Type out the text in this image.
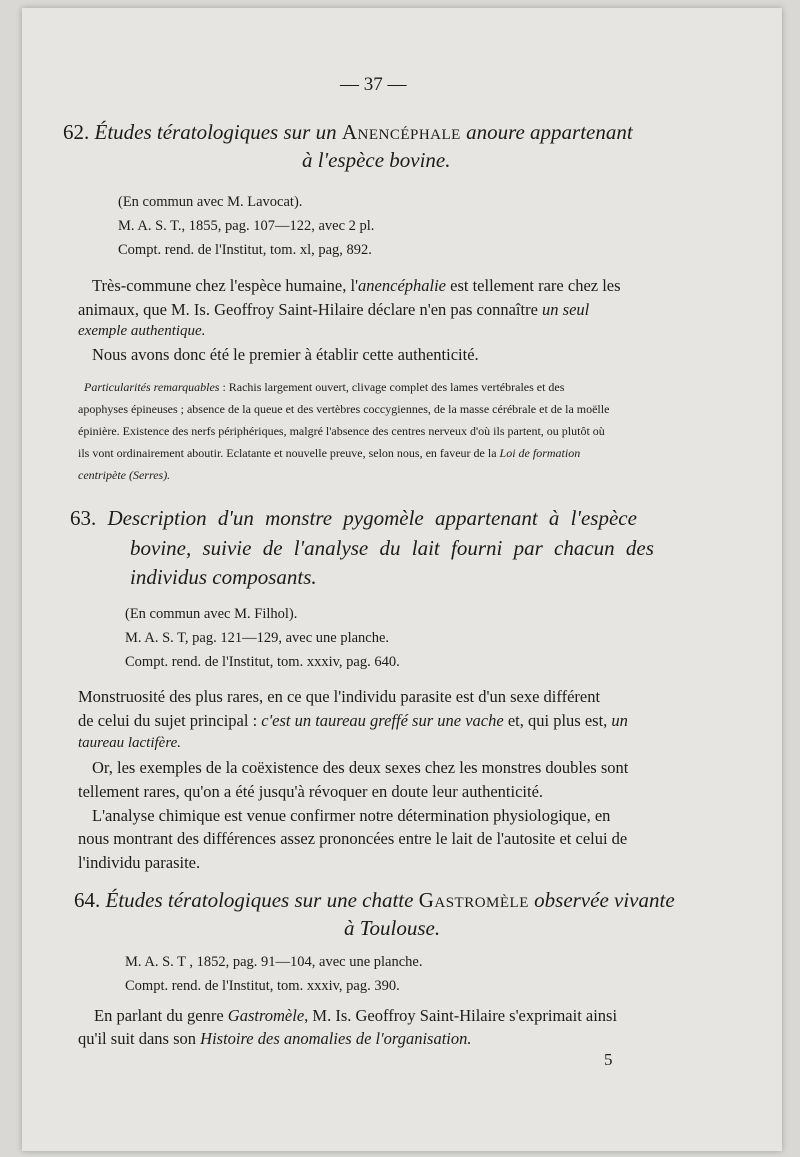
— 37 —
62. Études tératologiques sur un Anencéphale anoure appartenant
à l'espèce bovine.
(En commun avec M. Lavocat).
M. A. S. T., 1855, pag. 107—122, avec 2 pl.
Compt. rend. de l'Institut, tom. xl, pag, 892.
Très-commune chez l'espèce humaine, l'anencéphalie est tellement rare chez les
animaux, que M. Is. Geoffroy Saint-Hilaire déclare n'en pas connaître un seul
exemple authentique.
Nous avons donc été le premier à établir cette authenticité.
Particularités remarquables : Rachis largement ouvert, clivage complet des lames vertébrales et des
apophyses épineuses ; absence de la queue et des vertèbres coccygiennes, de la masse cérébrale et de la moëlle
épinière. Existence des nerfs périphériques, malgré l'absence des centres nerveux d'où ils partent, ou plutôt où
ils vont ordinairement aboutir. Eclatante et nouvelle preuve, selon nous, en faveur de la Loi de formation
centripète (Serres).
63. Description d'un monstre pygomèle appartenant à l'espèce
bovine, suivie de l'analyse du lait fourni par chacun des
individus composants.
(En commun avec M. Filhol).
M. A. S. T, pag. 121—129, avec une planche.
Compt. rend. de l'Institut, tom. xxxiv, pag. 640.
Monstruosité des plus rares, en ce que l'individu parasite est d'un sexe différent
de celui du sujet principal : c'est un taureau greffé sur une vache et, qui plus est, un
taureau lactifère.
Or, les exemples de la coëxistence des deux sexes chez les monstres doubles sont
tellement rares, qu'on a été jusqu'à révoquer en doute leur authenticité.
L'analyse chimique est venue confirmer notre détermination physiologique, en
nous montrant des différences assez prononcées entre le lait de l'autosite et celui de
l'individu parasite.
64. Études tératologiques sur une chatte Gastromèle observée vivante
à Toulouse.
M. A. S. T , 1852, pag. 91—104, avec une planche.
Compt. rend. de l'Institut, tom. xxxiv, pag. 390.
En parlant du genre Gastromèle, M. Is. Geoffroy Saint-Hilaire s'exprimait ainsi
qu'il suit dans son Histoire des anomalies de l'organisation.
5
